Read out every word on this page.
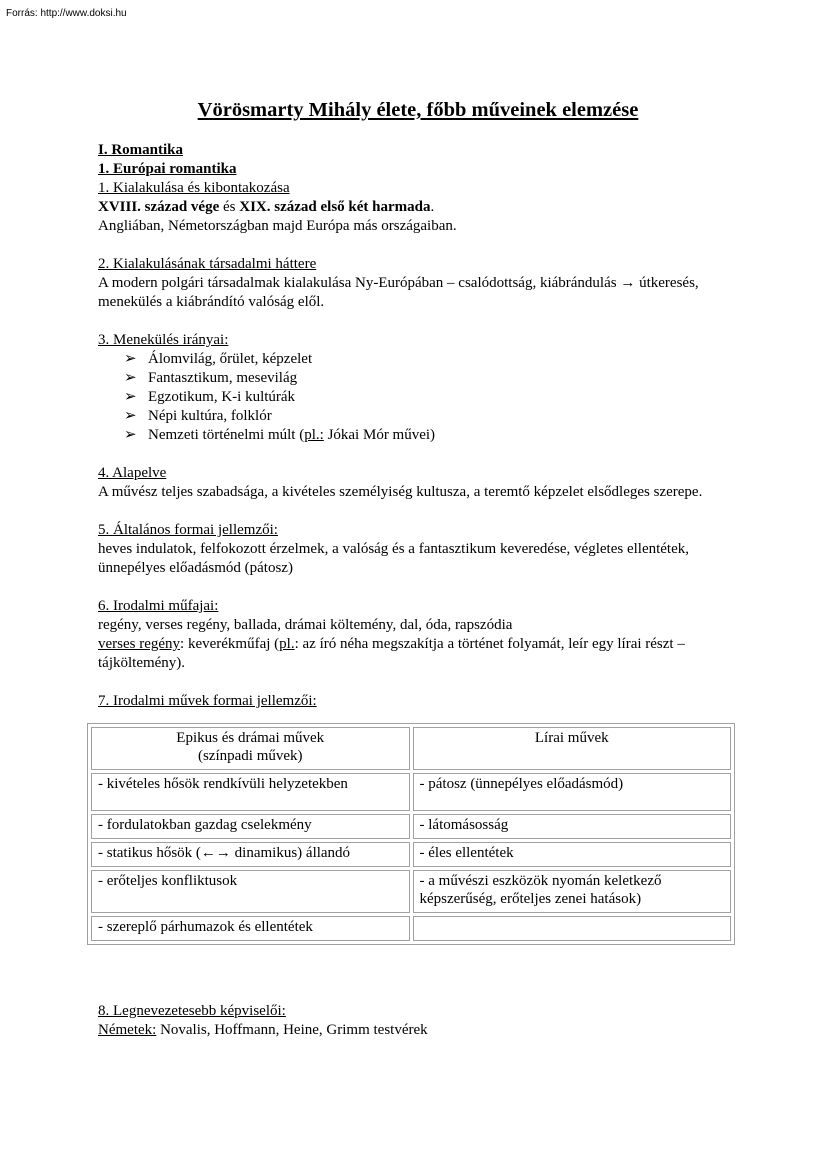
Forrás: http://www.doksi.hu
Vörösmarty Mihály élete, főbb műveinek elemzése

I. Romantika

1. Európai romantika

1. Kialakulása és kibontakozása

XVIII. század vége és XIX. század első két harmada.

Angliában, Németországban majd Európa más országaiban.

2. Kialakulásának társadalmi háttere

A modern polgári társadalmak kialakulása Ny-Európában – csalódottság, kiábrándulás → útkeresés, menekülés a kiábrándító valóság elől.

3. Menekülés irányai:

➢ Álomvilág, őrület, képzelet
➢ Fantasztikum, mesevilág
➢ Egzotikum, K-i kultúrák
➢ Népi kultúra, folklór
➢ Nemzeti történelmi múlt (pl.: Jókai Mór művei)

4. Alapelve

A művész teljes szabadsága, a kivételes személyiség kultusza, a teremtő képzelet elsődleges szerepe.

5. Általános formai jellemzői:

heves indulatok, felfokozott érzelmek, a valóság és a fantasztikum keveredése, végletes ellentétek, ünnepélyes előadásmód (pátosz)

6. Irodalmi műfajai:

regény, verses regény, ballada, drámai költemény, dal, óda, rapszódia

verses regény: keverékműfaj (pl.: az író néha megszakítja a történet folyamát, leír egy lírai részt – tájköltemény).

7. Irodalmi művek formai jellemzői:

Epikus és drámai művek
(színpadi művek)	Lírai művek
- kivételes hősök rendkívüli helyzetekben	- pátosz (ünnepélyes előadásmód)
- fordulatokban gazdag cselekmény	- látomásosság
- statikus hősök (←→ dinamikus) állandó	- éles ellentétek
- erőteljes konfliktusok	- a művészi eszközök nyomán keletkező képszerűség, erőteljes zenei hatások)
- szereplő párhumazok és ellentétek	

8. Legnevezetesebb képviselői:

Németek: Novalis, Hoffmann, Heine, Grimm testvérek
